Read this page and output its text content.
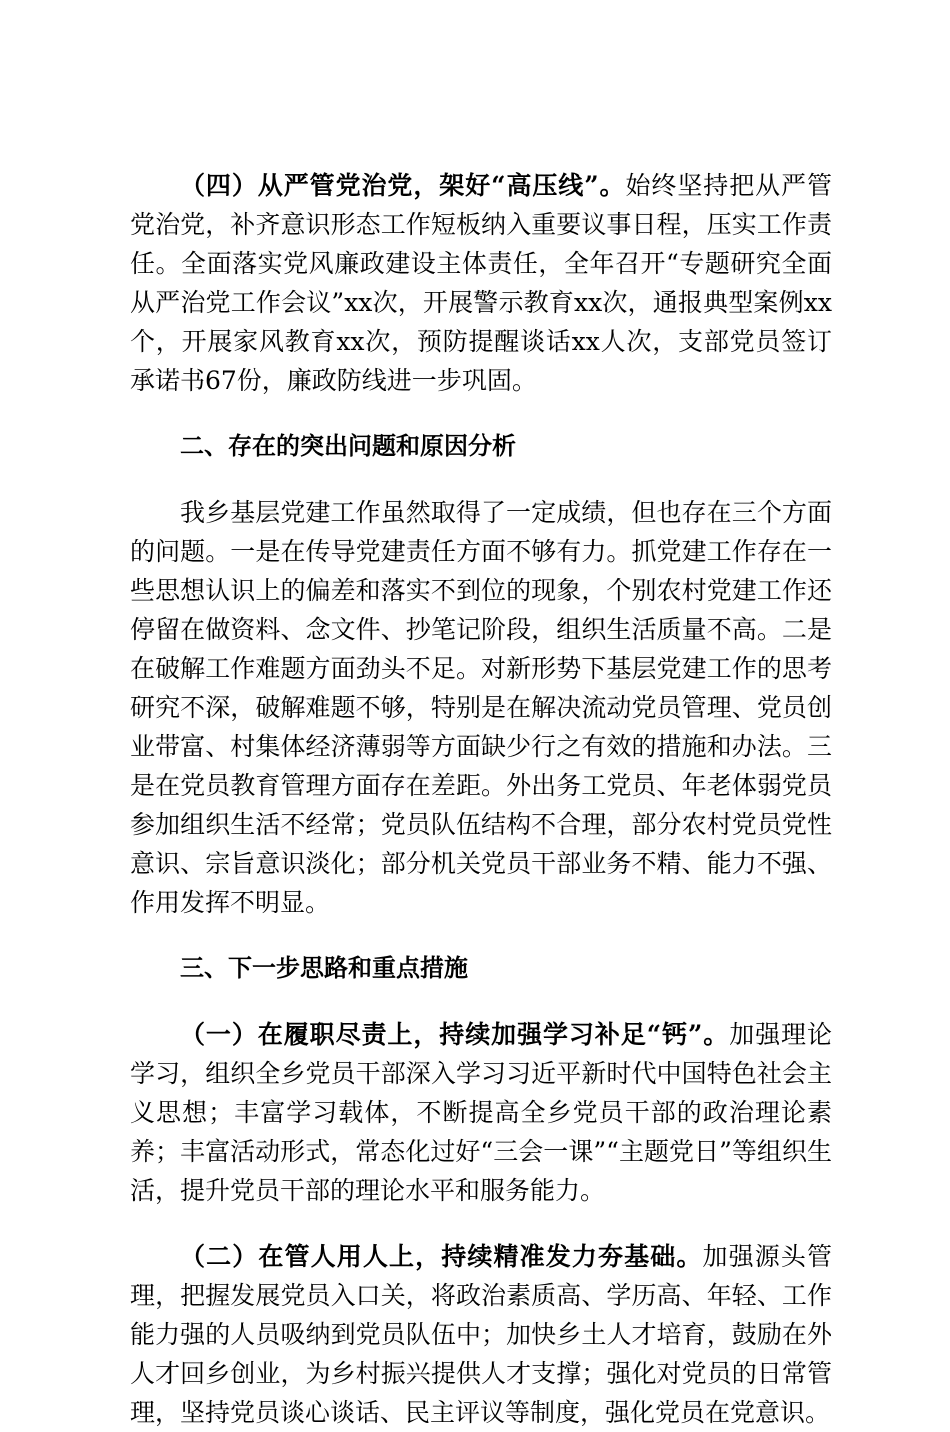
（四）从严管党治党，架好“高压线”。始终坚持把从严管党治党，补齐意识形态工作短板纳入重要议事日程，压实工作责任。全面落实党风廉政建设主体责任，全年召开“专题研究全面从严治党工作会议”xx次，开展警示教育xx次，通报典型案例xx个，开展家风教育xx次，预防提醒谈话xx人次，支部党员签订承诺书67份，廉政防线进一步巩固。

二、存在的突出问题和原因分析

我乡基层党建工作虽然取得了一定成绩，但也存在三个方面的问题。一是在传导党建责任方面不够有力。抓党建工作存在一些思想认识上的偏差和落实不到位的现象，个别农村党建工作还停留在做资料、念文件、抄笔记阶段，组织生活质量不高。二是在破解工作难题方面劲头不足。对新形势下基层党建工作的思考研究不深，破解难题不够，特别是在解决流动党员管理、党员创业带富、村集体经济薄弱等方面缺少行之有效的措施和办法。三是在党员教育管理方面存在差距。外出务工党员、年老体弱党员参加组织生活不经常；党员队伍结构不合理，部分农村党员党性意识、宗旨意识淡化；部分机关党员干部业务不精、能力不强、作用发挥不明显。

三、下一步思路和重点措施

（一）在履职尽责上，持续加强学习补足“钙”。加强理论学习，组织全乡党员干部深入学习习近平新时代中国特色社会主义思想；丰富学习载体，不断提高全乡党员干部的政治理论素养；丰富活动形式，常态化过好“三会一课”“主题党日”等组织生活，提升党员干部的理论水平和服务能力。

（二）在管人用人上，持续精准发力夯基础。加强源头管理，把握发展党员入口关，将政治素质高、学历高、年轻、工作能力强的人员吸纳到党员队伍中；加快乡土人才培育，鼓励在外人才回乡创业，为乡村振兴提供人才支撑；强化对党员的日常管理，坚持党员谈心谈话、民主评议等制度，强化党员在党意识。
